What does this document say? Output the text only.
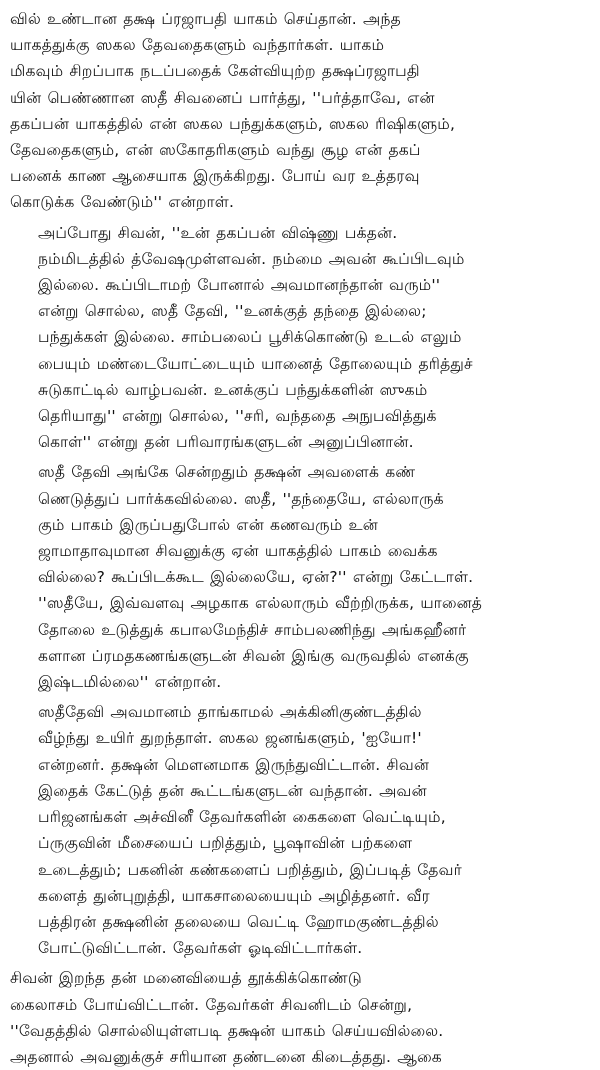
வில் உண்டான தக்ஷ ப்ரஜாபதி யாகம் செய்தான். அந்த
யாகத்துக்கு ஸகல தேவதைகளும் வந்தார்கள். யாகம்
மிகவும் சிறப்பாக நடப்பதைக் கேள்வியுற்ற தக்ஷப்ரஜாபதி
யின் பெண்ணான ஸதீ சிவனைப் பார்த்து, ''பர்த்தாவே, என்
தகப்பன் யாகத்தில் என் ஸகல பந்துக்களும், ஸகல ரிஷிகளும்,
தேவதைகளும், என் ஸகோதரிகளும் வந்து சூழ என் தகப்
பனைக் காண ஆசையாக இருக்கிறது. போய் வர உத்தரவு
கொடுக்க வேண்டும்'' என்றாள்.
அப்போது சிவன், ''உன் தகப்பன் விஷ்ணு பக்தன்.
நம்மிடத்தில் த்வேஷமுள்ளவன். நம்மை அவன் கூப்பிடவும்
இல்லை. கூப்பிடாமற் போனால் அவமானந்தான் வரும்''
என்று சொல்ல, ஸதீ தேவி, ''உனக்குத் தந்தை இல்லை;
பந்துக்கள் இல்லை. சாம்பலைப் பூசிக்கொண்டு உடல் எலும்
பையும் மண்டையோட்டையும் யானைத் தோலையும் தரித்துச்
சுடுகாட்டில் வாழ்பவன். உனக்குப் பந்துக்களின் ஸுகம்
தெரியாது'' என்று சொல்ல, ''சரி, வந்ததை அநுபவித்துக்
கொள்'' என்று தன் பரிவாரங்களுடன் அனுப்பினான்.
ஸதீ தேவி அங்கே சென்றதும் தக்ஷன் அவளைக் கண்
ணெடுத்துப் பார்க்கவில்லை. ஸதீ, ''தந்தையே, எல்லாருக்
கும் பாகம் இருப்பதுபோல் என் கணவரும் உன்
ஜாமாதாவுமான சிவனுக்கு ஏன் யாகத்தில் பாகம் வைக்க
வில்லை? கூப்பிடக்கூட இல்லையே, ஏன்?'' என்று கேட்டாள்.
''ஸதீயே, இவ்வளவு அழகாக எல்லாரும் வீற்றிருக்க, யானைத்
தோலை உடுத்துக் கபாலமேந்திச் சாம்பலணிந்து அங்கஹீனர்
களான ப்ரமதகணங்களுடன் சிவன் இங்கு வருவதில் எனக்கு
இஷ்டமில்லை'' என்றான்.
ஸதீதேவி அவமானம் தாங்காமல் அக்கினிகுண்டத்தில்
வீழ்ந்து உயிர் துறந்தாள். ஸகல ஜனங்களும், 'ஐயோ!'
என்றனர். தக்ஷன் மௌனமாக இருந்துவிட்டான். சிவன்
இதைக் கேட்டுத் தன் கூட்டங்களுடன் வந்தான். அவன்
பரிஜனங்கள் அச்வினீ தேவர்களின் கைகளை வெட்டியும்,
ப்ருகுவின் மீசையைப் பறித்தும், பூஷாவின் பற்களை
உடைத்தும்; பகனின் கண்களைப் பறித்தும், இப்படித் தேவர்
களைத் துன்புறுத்தி, யாகசாலையையும் அழித்தனர். வீர
பத்திரன் தக்ஷனின் தலையை வெட்டி ஹோமகுண்டத்தில்
போட்டுவிட்டான். தேவர்கள் ஓடிவிட்டார்கள்.
சிவன் இறந்த தன் மனைவியைத் தூக்கிக்கொண்டு
கைலாசம் போய்விட்டான். தேவர்கள் சிவனிடம் சென்று,
''வேதத்தில் சொல்லியுள்ளபடி தக்ஷன் யாகம் செய்யவில்லை.
அதனால் அவனுக்குச் சரியான தண்டனை கிடைத்தது. ஆகை
